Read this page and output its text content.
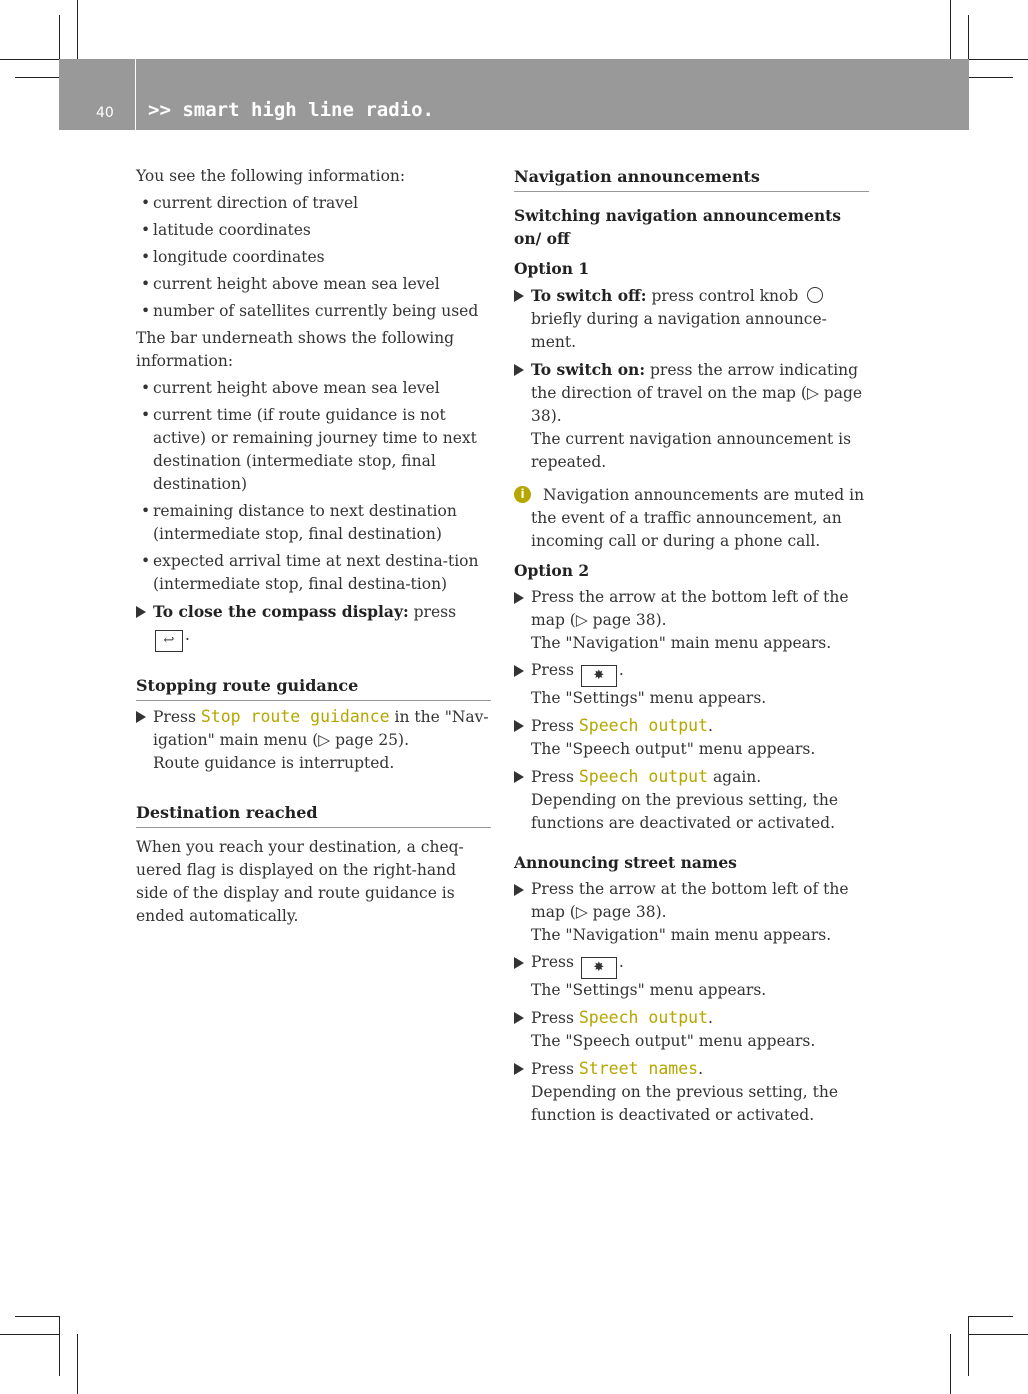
40 >> smart high line radio.

You see the following information:

• current direction of travel
• latitude coordinates
• longitude coordinates
• current height above mean sea level
• number of satellites currently being used

The bar underneath shows the following information:

• current height above mean sea level
• current time (if route guidance is not active) or remaining journey time to next destination (intermediate stop, final destination)
• remaining distance to next destination (intermediate stop, final destination)
• expected arrival time at next destina-tion (intermediate stop, final destina-tion)
To close the compass display: press ↩ .
Stopping route guidance
Press Stop route guidance in the "Nav-igation" main menu (▷ page 25).
Route guidance is interrupted.
Destination reached

When you reach your destination, a cheq-uered flag is displayed on the right-hand side of the display and route guidance is ended automatically.

Navigation announcements
Switching navigation announcements on/ off
Option 1
To switch off: press control knob
briefly during a navigation announce-ment.
To switch on: press the arrow indicating the direction of travel on the map (▷ page 38).
The current navigation announcement is repeated.
i	Navigation announcements are muted in the event of a traffic announcement, an incoming call or during a phone call.
Option 2
Press the arrow at the bottom left of the map (▷ page 38).
The "Navigation" main menu appears.
Press ✸ .
The "Settings" menu appears.
Press Speech output.
The "Speech output" menu appears.
Press Speech output again.
Depending on the previous setting, the functions are deactivated or activated.
Announcing street names
Press the arrow at the bottom left of the map (▷ page 38).
The "Navigation" main menu appears.
Press ✸ .
The "Settings" menu appears.
Press Speech output.
The "Speech output" menu appears.
Press Street names.
Depending on the previous setting, the function is deactivated or activated.
